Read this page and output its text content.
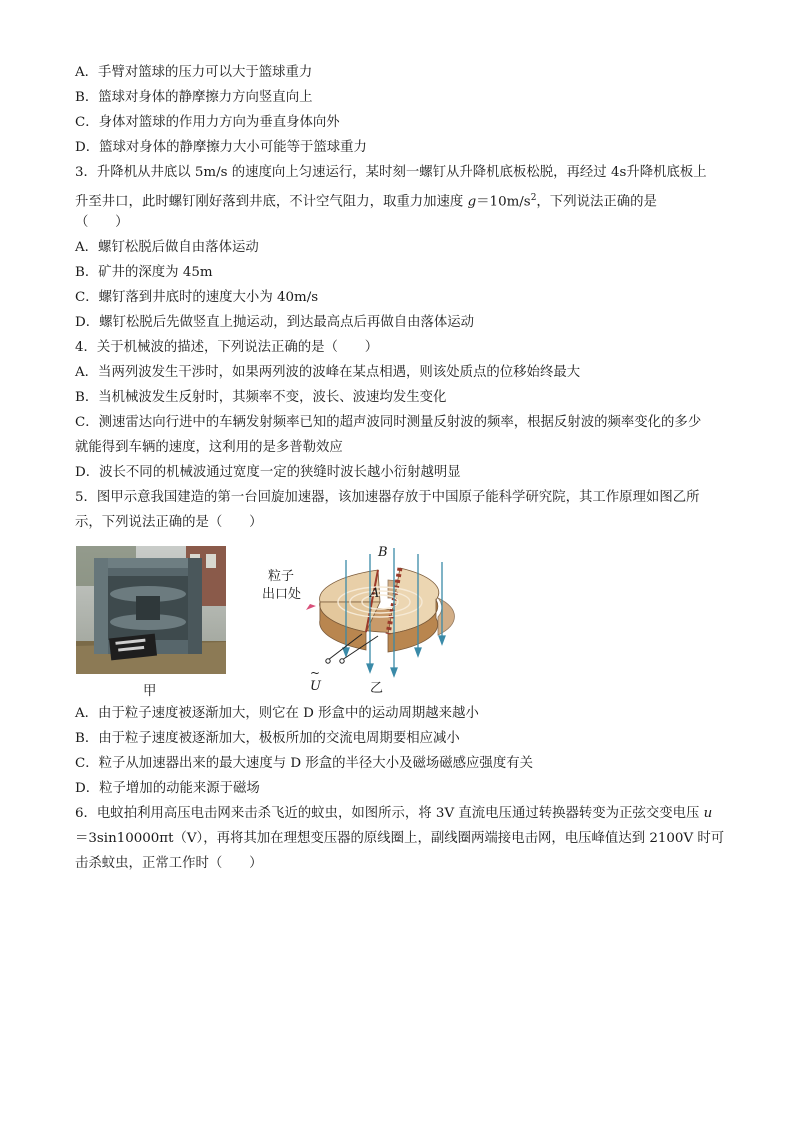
A．手臂对篮球的压力可以大于篮球重力
B．篮球对身体的静摩擦力方向竖直向上
C．身体对篮球的作用力方向为垂直身体向外
D．篮球对身体的静摩擦力大小可能等于篮球重力
3．升降机从井底以 5m/s 的速度向上匀速运行，某时刻一螺钉从升降机底板松脱，再经过 4s升降机底板上
升至井口，此时螺钉刚好落到井底，不计空气阻力，取重力加速度 $g=10m/s^2$，下列说法正确的是
（　　）
A．螺钉松脱后做自由落体运动
B．矿井的深度为 45m
C．螺钉落到井底时的速度大小为 40m/s
D．螺钉松脱后先做竖直上抛运动，到达最高点后再做自由落体运动
4．关于机械波的描述，下列说法正确的是（　　）
A．当两列波发生干涉时，如果两列波的波峰在某点相遇，则该处质点的位移始终最大
B．当机械波发生反射时，其频率不变，波长、波速均发生变化
C．测速雷达向行进中的车辆发射频率已知的超声波同时测量反射波的频率，根据反射波的频率变化的多少
就能得到车辆的速度，这利用的是多普勒效应
D．波长不同的机械波通过宽度一定的狭缝时波长越小衍射越明显
5．图甲示意我国建造的第一台回旋加速器，该加速器存放于中国原子能科学研究院，其工作原理如图乙所
示，下列说法正确的是（　　）
甲
B
A
粒子
出口处
~
U	乙
A．由于粒子速度被逐渐加大，则它在 D 形盒中的运动周期越来越小
B．由于粒子速度被逐渐加大，极板所加的交流电周期要相应减小
C．粒子从加速器出来的最大速度与 D 形盒的半径大小及磁场磁感应强度有关
D．粒子增加的动能来源于磁场
6．电蚊拍利用高压电击网来击杀飞近的蚊虫，如图所示，将 3V 直流电压通过转换器转变为正弦交变电压 u
＝3sin10000πt（V），再将其加在理想变压器的原线圈上，副线圈两端接电击网，电压峰值达到 2100V 时可
击杀蚊虫，正常工作时（　　）
